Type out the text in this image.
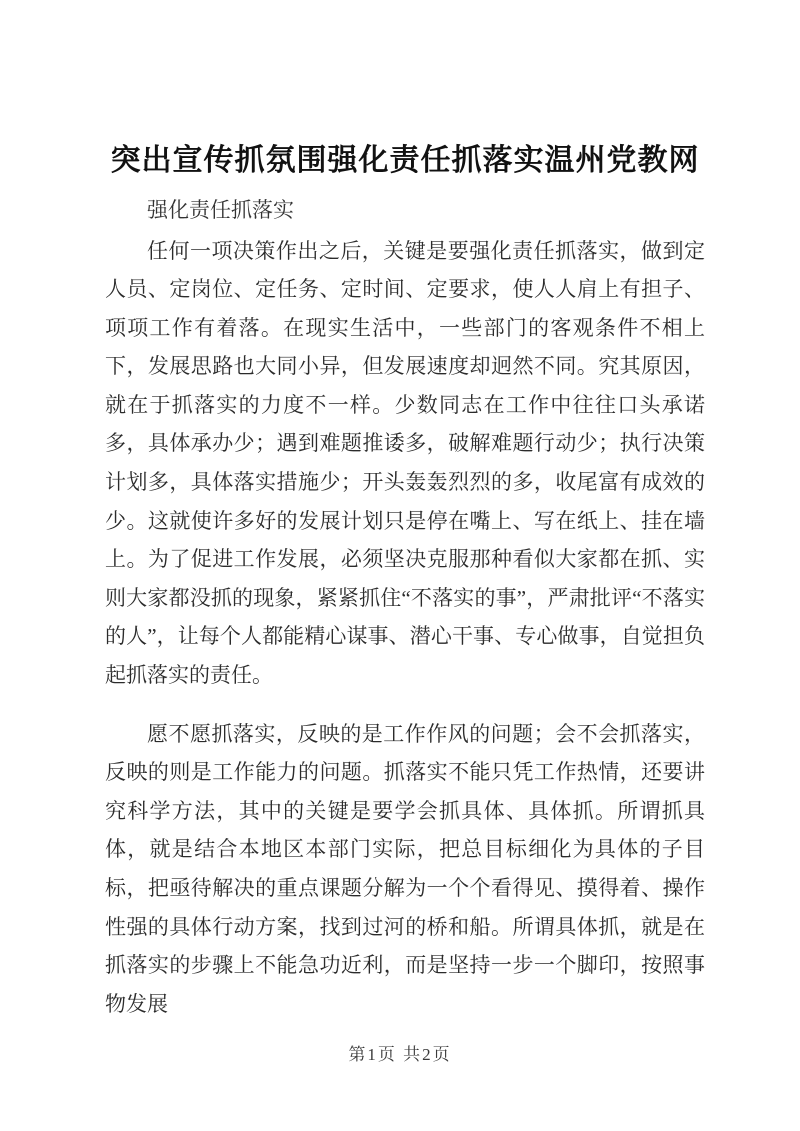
突出宣传抓氛围强化责任抓落实温州党教网

强化责任抓落实

任何一项决策作出之后，关键是要强化责任抓落实，做到定人员、定岗位、定任务、定时间、定要求，使人人肩上有担子、项项工作有着落。在现实生活中，一些部门的客观条件不相上下，发展思路也大同小异，但发展速度却迥然不同。究其原因，就在于抓落实的力度不一样。少数同志在工作中往往口头承诺多，具体承办少；遇到难题推诿多，破解难题行动少；执行决策计划多，具体落实措施少；开头轰轰烈烈的多，收尾富有成效的少。这就使许多好的发展计划只是停在嘴上、写在纸上、挂在墙上。为了促进工作发展，必须坚决克服那种看似大家都在抓、实则大家都没抓的现象，紧紧抓住“不落实的事”，严肃批评“不落实的人”，让每个人都能精心谋事、潜心干事、专心做事，自觉担负起抓落实的责任。

愿不愿抓落实，反映的是工作作风的问题；会不会抓落实，反映的则是工作能力的问题。抓落实不能只凭工作热情，还要讲究科学方法，其中的关键是要学会抓具体、具体抓。所谓抓具体，就是结合本地区本部门实际，把总目标细化为具体的子目标，把亟待解决的重点课题分解为一个个看得见、摸得着、操作性强的具体行动方案，找到过河的桥和船。所谓具体抓，就是在抓落实的步骤上不能急功近利，而是坚持一步一个脚印，按照事物发展

第1页 共2页
